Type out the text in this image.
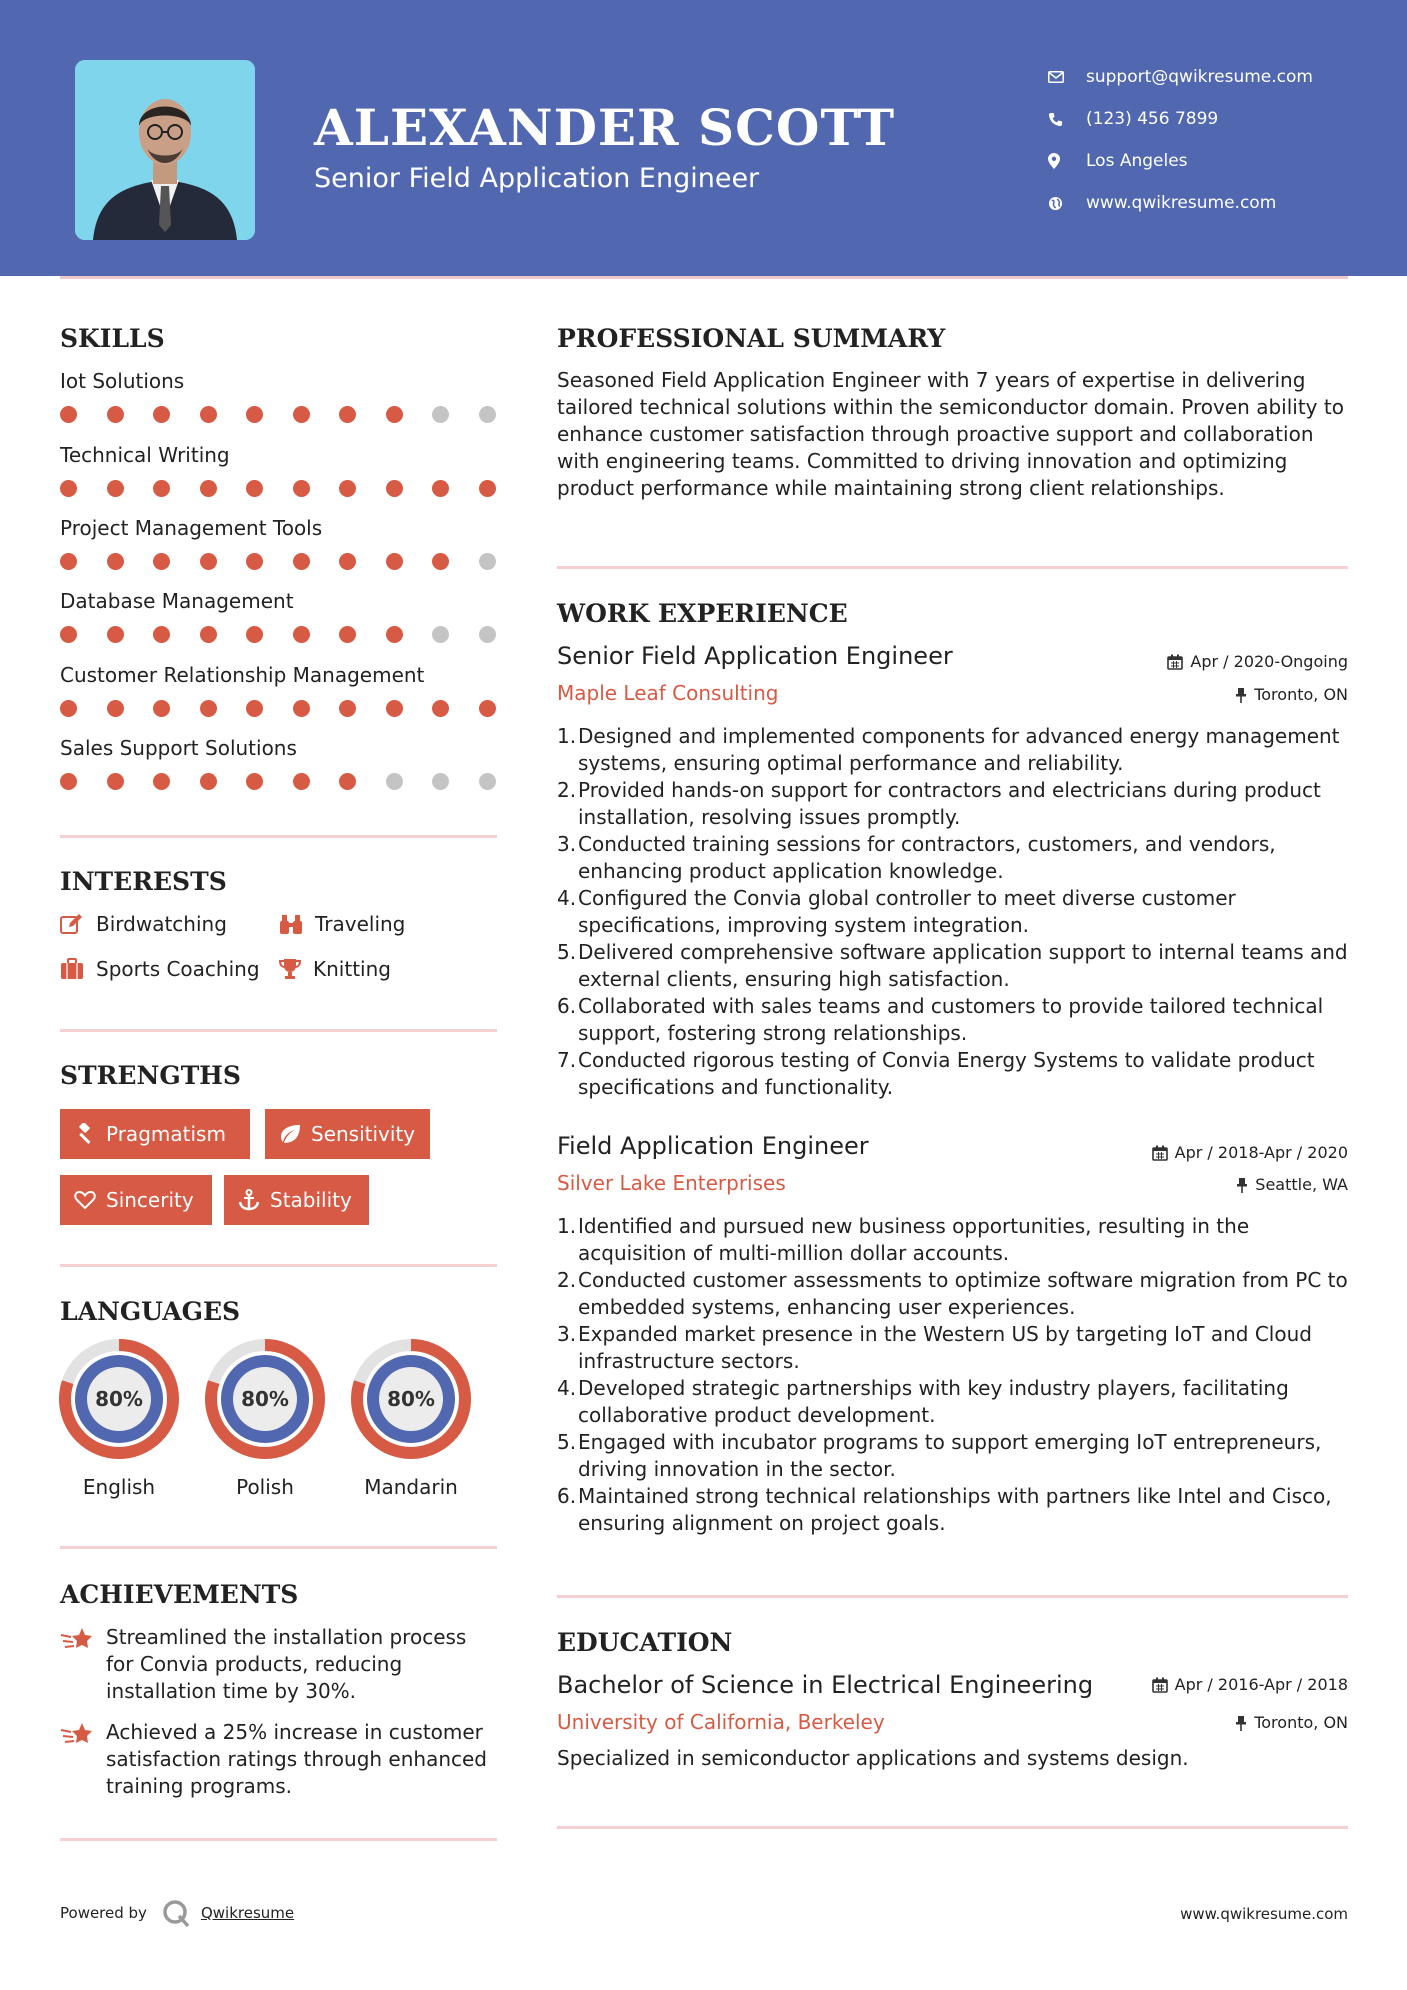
ALEXANDER SCOTT
Senior Field Application Engineer
support@qwikresume.com
(123) 456 7899
Los Angeles
www.qwikresume.com
SKILLS
Iot Solutions
Technical Writing
Project Management Tools
Database Management
Customer Relationship Management
Sales Support Solutions
INTERESTS
Birdwatching	Traveling
Sports Coaching	Knitting
STRENGTHS
Pragmatism	Sensitivity
Sincerity	Stability
LANGUAGES
80%
English
80%
Polish
80%
Mandarin
ACHIEVEMENTS
Streamlined the installation process for Convia products, reducing installation time by 30%.
Achieved a 25% increase in customer satisfaction ratings through enhanced training programs.
PROFESSIONAL SUMMARY
Seasoned Field Application Engineer with 7 years of expertise in delivering tailored technical solutions within the semiconductor domain. Proven ability to enhance customer satisfaction through proactive support and collaboration with engineering teams. Committed to driving innovation and optimizing product performance while maintaining strong client relationships.
WORK EXPERIENCE
Senior Field Application Engineer	Apr / 2020-Ongoing
Maple Leaf Consulting	Toronto, ON
1. Designed and implemented components for advanced energy management systems, ensuring optimal performance and reliability.
2. Provided hands-on support for contractors and electricians during product installation, resolving issues promptly.
3. Conducted training sessions for contractors, customers, and vendors, enhancing product application knowledge.
4. Configured the Convia global controller to meet diverse customer specifications, improving system integration.
5. Delivered comprehensive software application support to internal teams and external clients, ensuring high satisfaction.
6. Collaborated with sales teams and customers to provide tailored technical support, fostering strong relationships.
7. Conducted rigorous testing of Convia Energy Systems to validate product specifications and functionality.
Field Application Engineer	Apr / 2018-Apr / 2020
Silver Lake Enterprises	Seattle, WA
1. Identified and pursued new business opportunities, resulting in the acquisition of multi-million dollar accounts.
2. Conducted customer assessments to optimize software migration from PC to embedded systems, enhancing user experiences.
3. Expanded market presence in the Western US by targeting IoT and Cloud infrastructure sectors.
4. Developed strategic partnerships with key industry players, facilitating collaborative product development.
5. Engaged with incubator programs to support emerging IoT entrepreneurs, driving innovation in the sector.
6. Maintained strong technical relationships with partners like Intel and Cisco, ensuring alignment on project goals.
EDUCATION
Bachelor of Science in Electrical Engineering	Apr / 2016-Apr / 2018
University of California, Berkeley	Toronto, ON
Specialized in semiconductor applications and systems design.
Powered by	Qwikresume	www.qwikresume.com
